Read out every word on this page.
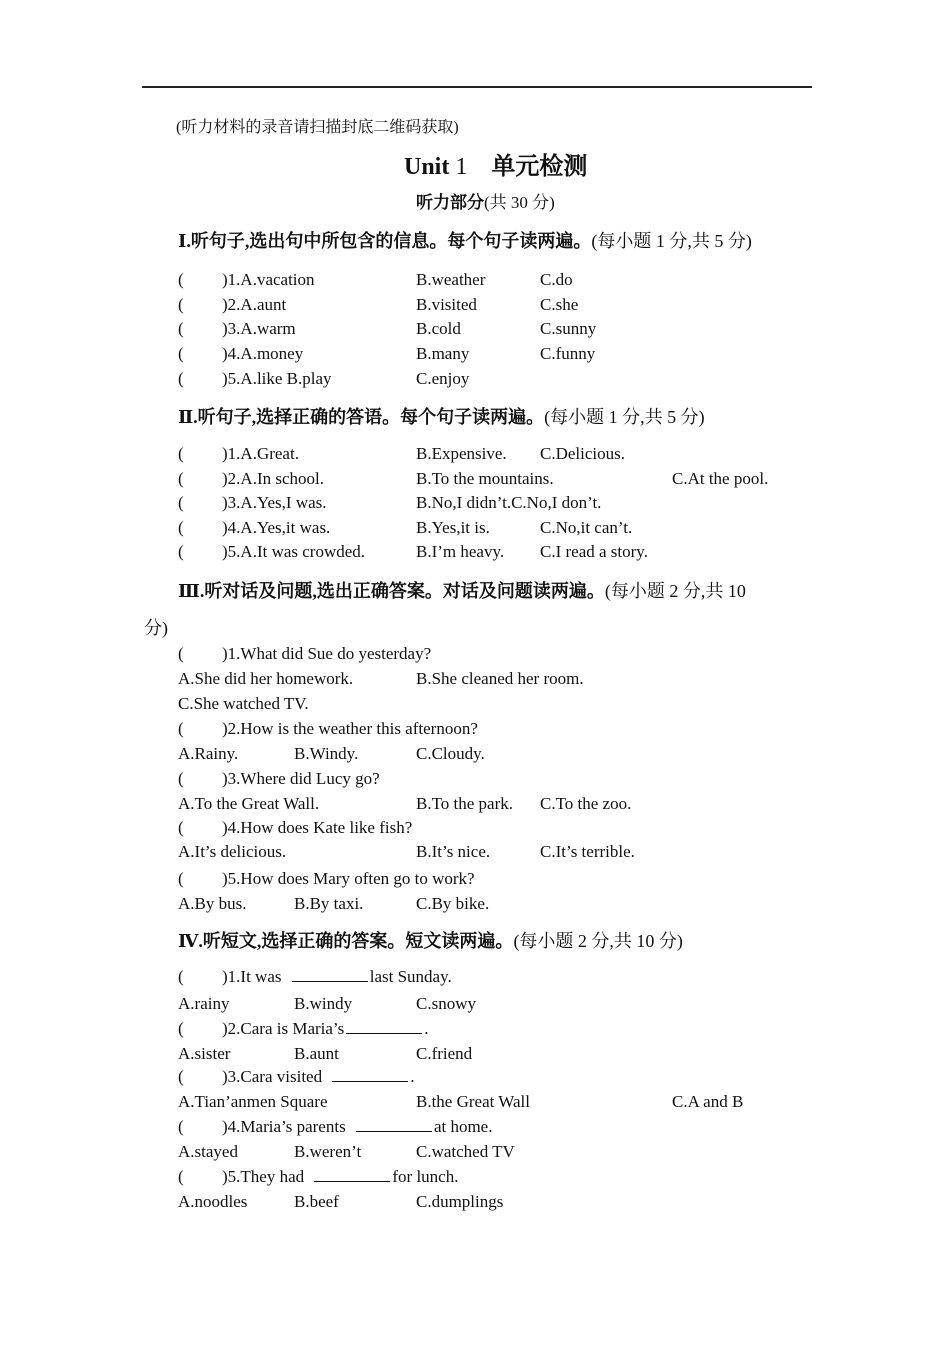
(听力材料的录音请扫描封底二维码获取)
Unit 1 单元检测
听力部分(共 30 分)
Ⅰ.听句子,选出句中所包含的信息。每个句子读两遍。(每小题 1 分,共 5 分)
( )1.A.vacation	B.weather	C.do
( )2.A.aunt	B.visited	C.she
( )3.A.warm	B.cold	C.sunny
( )4.A.money	B.many	C.funny
( )5.A.like B.play	C.enjoy
Ⅱ.听句子,选择正确的答语。每个句子读两遍。(每小题 1 分,共 5 分)
( )1.A.Great.	B.Expensive. C.Delicious.
( )2.A.In school.	B.To the mountains.	C.At the pool.
( )3.A.Yes,I was.	B.No,I didn’t.C.No,I don’t.
( )4.A.Yes,it was.	B.Yes,it is.	C.No,it can’t.
( )5.A.It was crowded.	B.I’m heavy. C.I read a story.
Ⅲ.听对话及问题,选出正确答案。对话及问题读两遍。(每小题 2 分,共 10
分)
( )1.What did Sue do yesterday?
A.She did her homework.	B.She cleaned her room.
C.She watched TV.
( )2.How is the weather this afternoon?
A.Rainy.	B.Windy.	C.Cloudy.
( )3.Where did Lucy go?
A.To the Great Wall.	B.To the park. C.To the zoo.
( )4.How does Kate like fish?
A.It’s delicious.	B.It’s nice.	C.It’s terrible.
( )5.How does Mary often go to work?
A.By bus.	B.By taxi.	C.By bike.
Ⅳ.听短文,选择正确的答案。短文读两遍。(每小题 2 分,共 10 分)
( )1.It was	last Sunday.
A.rainy	B.windy	C.snowy
( )2.Cara is Maria’s	.
A.sister	B.aunt	C.friend
( )3.Cara visited	.
A.Tian’anmen Square	B.the Great Wall	C.A and B
( )4.Maria’s parents	at home.
A.stayed	B.weren’t	C.watched TV
( )5.They had	for lunch.
A.noodles	B.beef	C.dumplings
